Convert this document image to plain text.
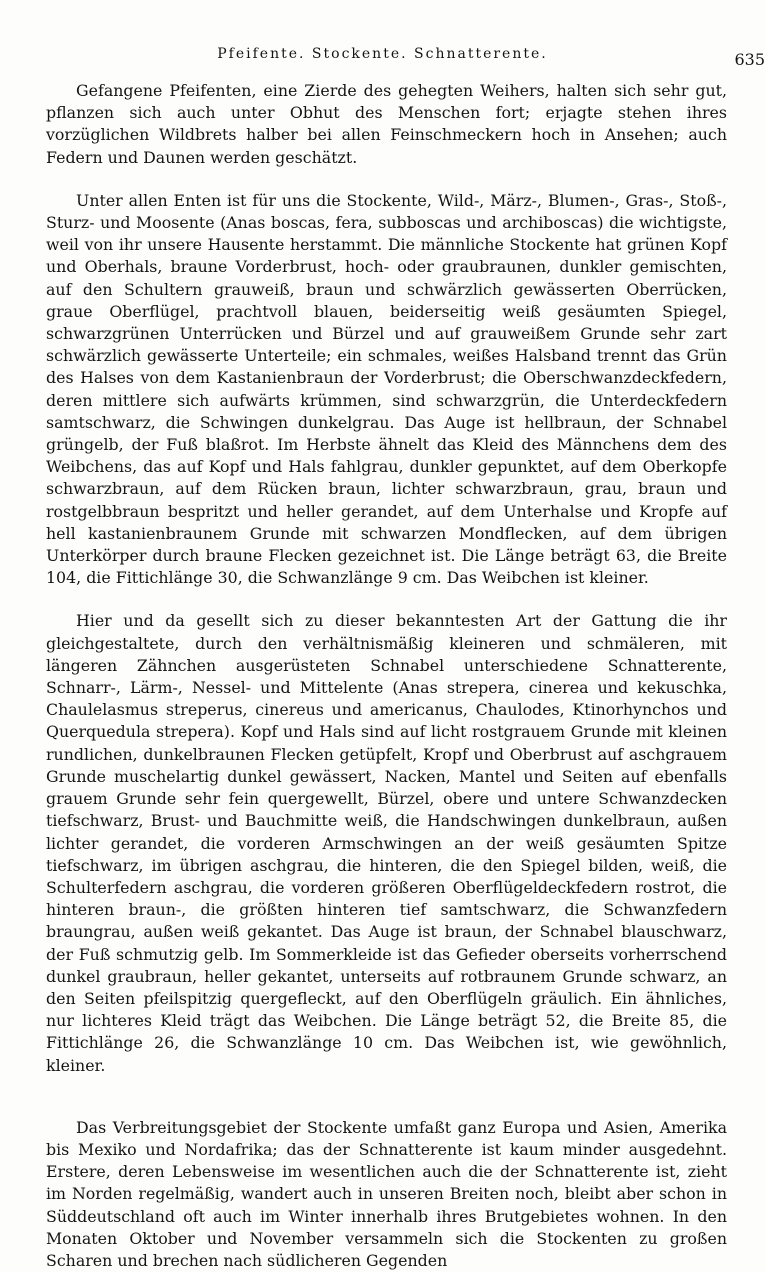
Pfeifente. Stockente. Schnatterente.	635

Gefangene Pfeifenten, eine Zierde des gehegten Weihers, halten sich sehr gut, pflanzen sich auch unter Obhut des Menschen fort; erjagte stehen ihres vorzüglichen Wildbrets halber bei allen Feinschmeckern hoch in Ansehen; auch Federn und Daunen werden geschätzt.

Unter allen Enten ist für uns die Stockente, Wild-, März-, Blumen-, Gras-, Stoß-, Sturz- und Moosente (Anas boscas, fera, subboscas und archiboscas) die wichtigste, weil von ihr unsere Hausente herstammt. Die männliche Stockente hat grünen Kopf und Oberhals, braune Vorderbrust, hoch- oder graubraunen, dunkler gemischten, auf den Schultern grauweiß, braun und schwärzlich gewässerten Oberrücken, graue Oberflügel, prachtvoll blauen, beiderseitig weiß gesäumten Spiegel, schwarzgrünen Unterrücken und Bürzel und auf grauweißem Grunde sehr zart schwärzlich gewässerte Unterteile; ein schmales, weißes Halsband trennt das Grün des Halses von dem Kastanienbraun der Vorderbrust; die Oberschwanzdeckfedern, deren mittlere sich aufwärts krümmen, sind schwarzgrün, die Unterdeckfedern samtschwarz, die Schwingen dunkelgrau. Das Auge ist hellbraun, der Schnabel grüngelb, der Fuß blaßrot. Im Herbste ähnelt das Kleid des Männchens dem des Weibchens, das auf Kopf und Hals fahlgrau, dunkler gepunktet, auf dem Oberkopfe schwarzbraun, auf dem Rücken braun, lichter schwarzbraun, grau, braun und rostgelbbraun bespritzt und heller gerandet, auf dem Unterhalse und Kropfe auf hell kastanienbraunem Grunde mit schwarzen Mondflecken, auf dem übrigen Unterkörper durch braune Flecken gezeichnet ist. Die Länge beträgt 63, die Breite 104, die Fittichlänge 30, die Schwanzlänge 9 cm. Das Weibchen ist kleiner.

Hier und da gesellt sich zu dieser bekanntesten Art der Gattung die ihr gleichgestaltete, durch den verhältnismäßig kleineren und schmäleren, mit längeren Zähnchen ausgerüsteten Schnabel unterschiedene Schnatterente, Schnarr-, Lärm-, Nessel- und Mittelente (Anas strepera, cinerea und kekuschka, Chaulelasmus streperus, cinereus und americanus, Chaulodes, Ktinorhynchos und Querquedula strepera). Kopf und Hals sind auf licht rostgrauem Grunde mit kleinen rundlichen, dunkelbraunen Flecken getüpfelt, Kropf und Oberbrust auf aschgrauem Grunde muschelartig dunkel gewässert, Nacken, Mantel und Seiten auf ebenfalls grauem Grunde sehr fein quergewellt, Bürzel, obere und untere Schwanzdecken tiefschwarz, Brust- und Bauchmitte weiß, die Handschwingen dunkelbraun, außen lichter gerandet, die vorderen Armschwingen an der weiß gesäumten Spitze tiefschwarz, im übrigen aschgrau, die hinteren, die den Spiegel bilden, weiß, die Schulterfedern aschgrau, die vorderen größeren Oberflügeldeckfedern rostrot, die hinteren braun-, die größten hinteren tief samtschwarz, die Schwanzfedern braungrau, außen weiß gekantet. Das Auge ist braun, der Schnabel blauschwarz, der Fuß schmutzig gelb. Im Sommerkleide ist das Gefieder oberseits vorherrschend dunkel graubraun, heller gekantet, unterseits auf rotbraunem Grunde schwarz, an den Seiten pfeilspitzig quergefleckt, auf den Oberflügeln gräulich. Ein ähnliches, nur lichteres Kleid trägt das Weibchen. Die Länge beträgt 52, die Breite 85, die Fittichlänge 26, die Schwanzlänge 10 cm. Das Weibchen ist, wie gewöhnlich, kleiner.

Das Verbreitungsgebiet der Stockente umfaßt ganz Europa und Asien, Amerika bis Mexiko und Nordafrika; das der Schnatterente ist kaum minder ausgedehnt. Erstere, deren Lebensweise im wesentlichen auch die der Schnatterente ist, zieht im Norden regelmäßig, wandert auch in unseren Breiten noch, bleibt aber schon in Süddeutschland oft auch im Winter innerhalb ihres Brutgebietes wohnen. In den Monaten Oktober und November versammeln sich die Stockenten zu großen Scharen und brechen nach südlicheren Gegenden
